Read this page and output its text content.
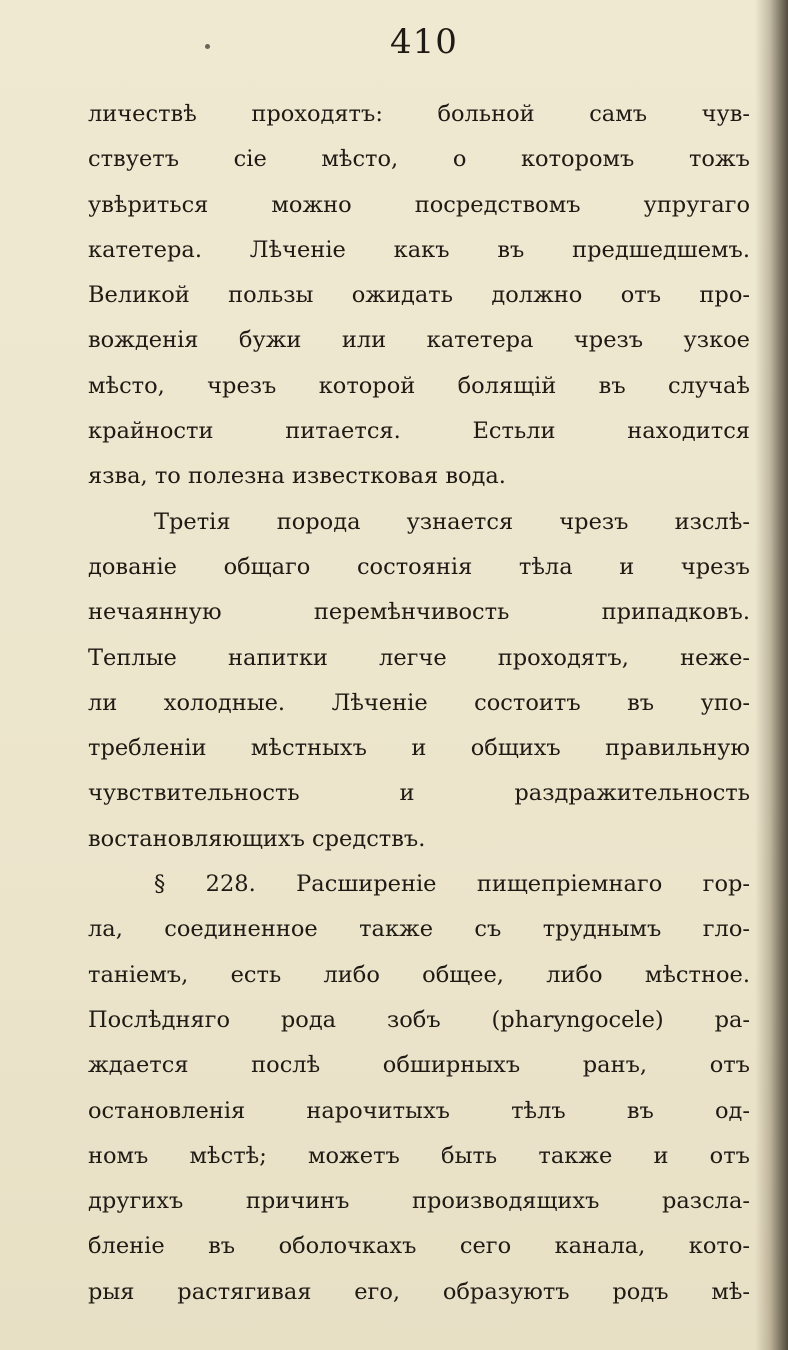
410
личествѣ проходятъ: больной самъ чув-
ствуетъ сіе мѣсто, о которомъ тожъ
увѣриться можно посредствомъ упругаго
катетера. Лѣченіе какъ въ предшедшемъ.
Великой пользы ожидать должно отъ про-
вожденія бужи или катетера чрезъ узкое
мѣсто, чрезъ которой болящій въ случаѣ
крайности питается. Естьли находится
язва, то полезна известковая вода.
Третія порода узнается чрезъ изслѣ-
дованіе общаго состоянія тѣла и чрезъ
нечаянную перемѣнчивость припадковъ.
Теплые напитки легче проходятъ, неже-
ли холодные. Лѣченіе состоитъ въ упо-
требленіи мѣстныхъ и общихъ правильную
чувствительность и раздражительность
востановляющихъ средствъ.
§ 228. Расширеніе пищепріемнаго гор-
ла, соединенное также съ труднымъ гло-
таніемъ, есть либо общее, либо мѣстное.
Послѣдняго рода зобъ (pharyngocele) ра-
ждается послѣ обширныхъ ранъ, отъ
остановленія нарочитыхъ тѣлъ въ од-
номъ мѣстѣ; можетъ быть также и отъ
другихъ причинъ производящихъ разсла-
бленіе въ оболочкахъ сего канала, кото-
рыя растягивая его, образуютъ родъ мѣ-
